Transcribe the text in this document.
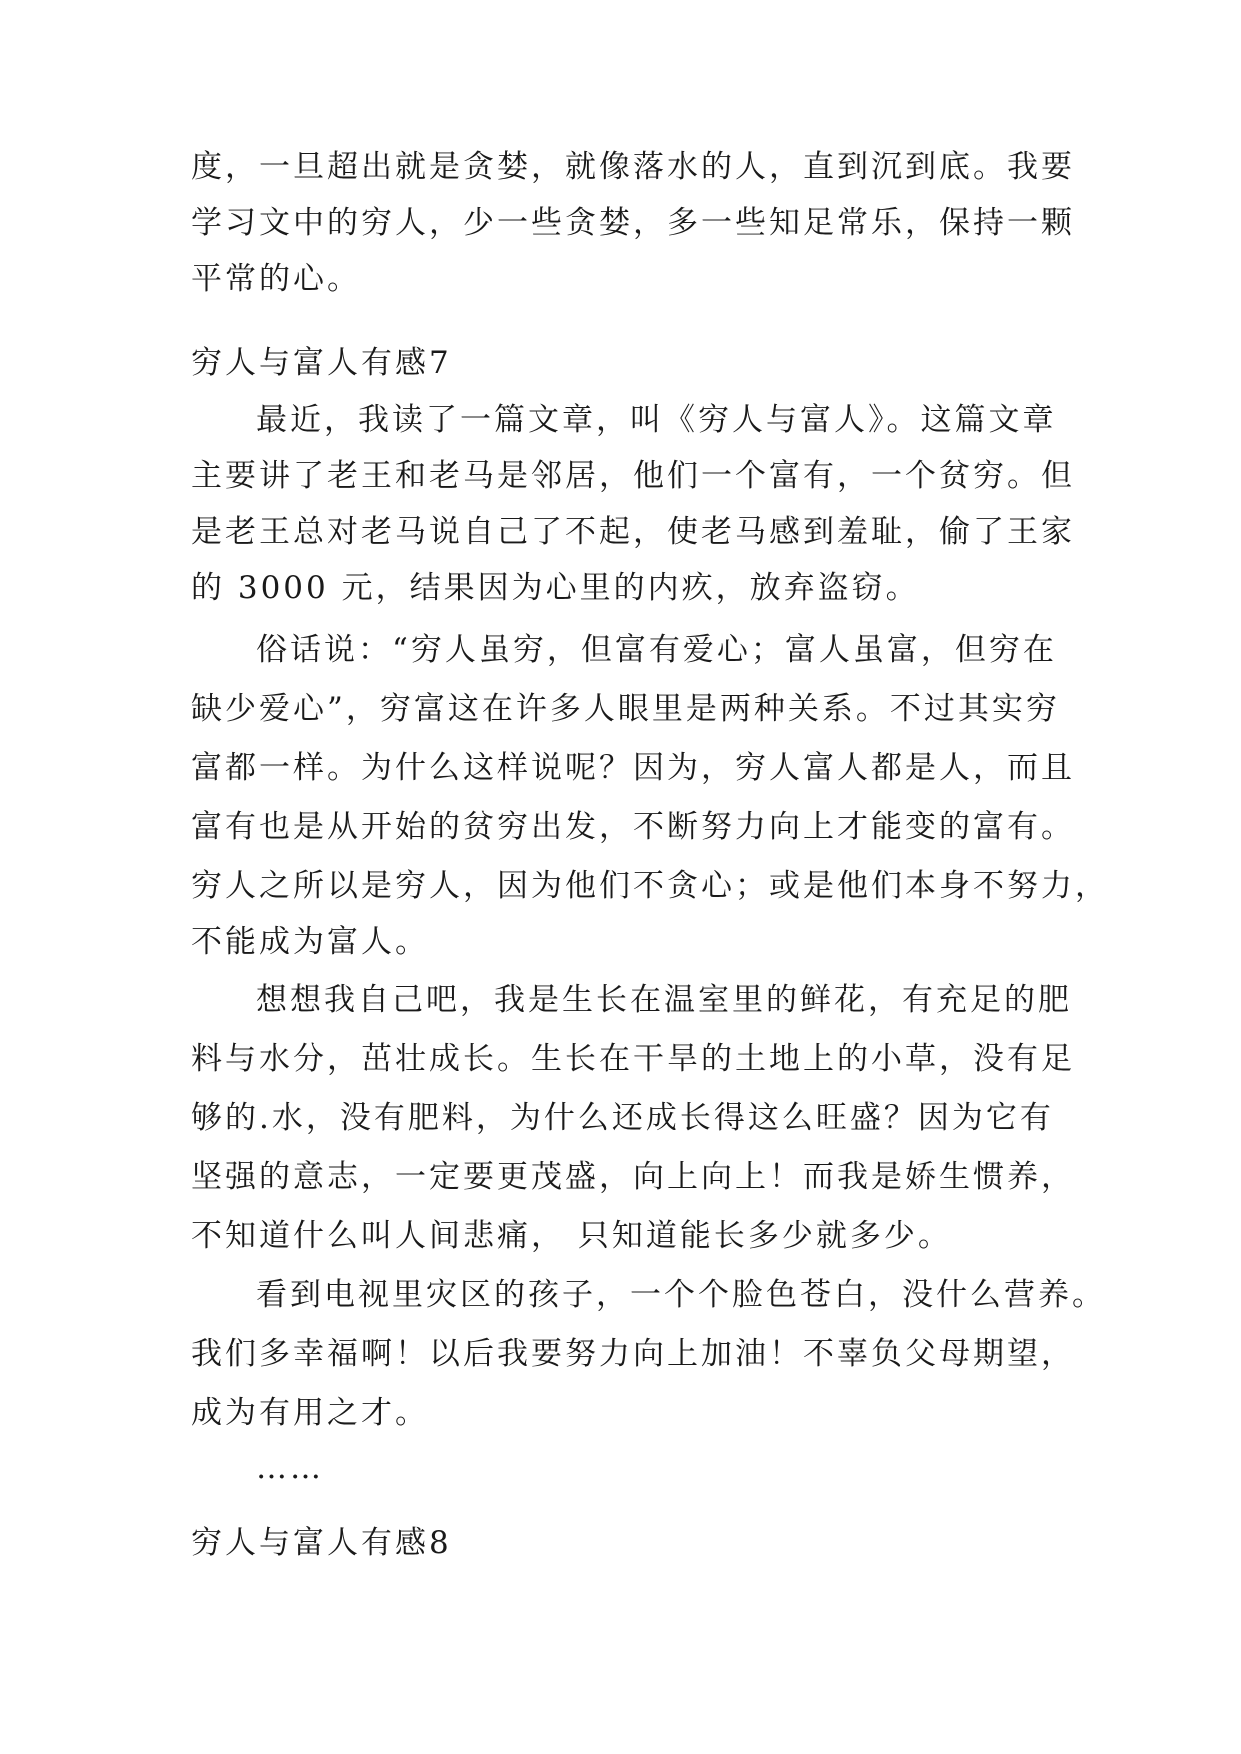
度，一旦超出就是贪婪，就像落水的人，直到沉到底。我要
学习文中的穷人，少一些贪婪，多一些知足常乐，保持一颗
平常的心。
穷人与富人有感7
最近，我读了一篇文章，叫《穷人与富人》。这篇文章
主要讲了老王和老马是邻居，他们一个富有，一个贫穷。但
是老王总对老马说自己了不起，使老马感到羞耻，偷了王家
的 3000 元，结果因为心里的内疚，放弃盗窃。
俗话说：“穷人虽穷，但富有爱心；富人虽富，但穷在
缺少爱心”，穷富这在许多人眼里是两种关系。不过其实穷
富都一样。为什么这样说呢？因为，穷人富人都是人，而且
富有也是从开始的贫穷出发，不断努力向上才能变的富有。
穷人之所以是穷人，因为他们不贪心；或是他们本身不努力，
不能成为富人。
想想我自己吧，我是生长在温室里的鲜花，有充足的肥
料与水分，茁壮成长。生长在干旱的土地上的小草，没有足
够的.水，没有肥料，为什么还成长得这么旺盛？因为它有
坚强的意志，一定要更茂盛，向上向上！而我是娇生惯养，
不知道什么叫人间悲痛， 只知道能长多少就多少。
看到电视里灾区的孩子，一个个脸色苍白，没什么营养。
我们多幸福啊！以后我要努力向上加油！不辜负父母期望，
成为有用之才。
……
穷人与富人有感8
